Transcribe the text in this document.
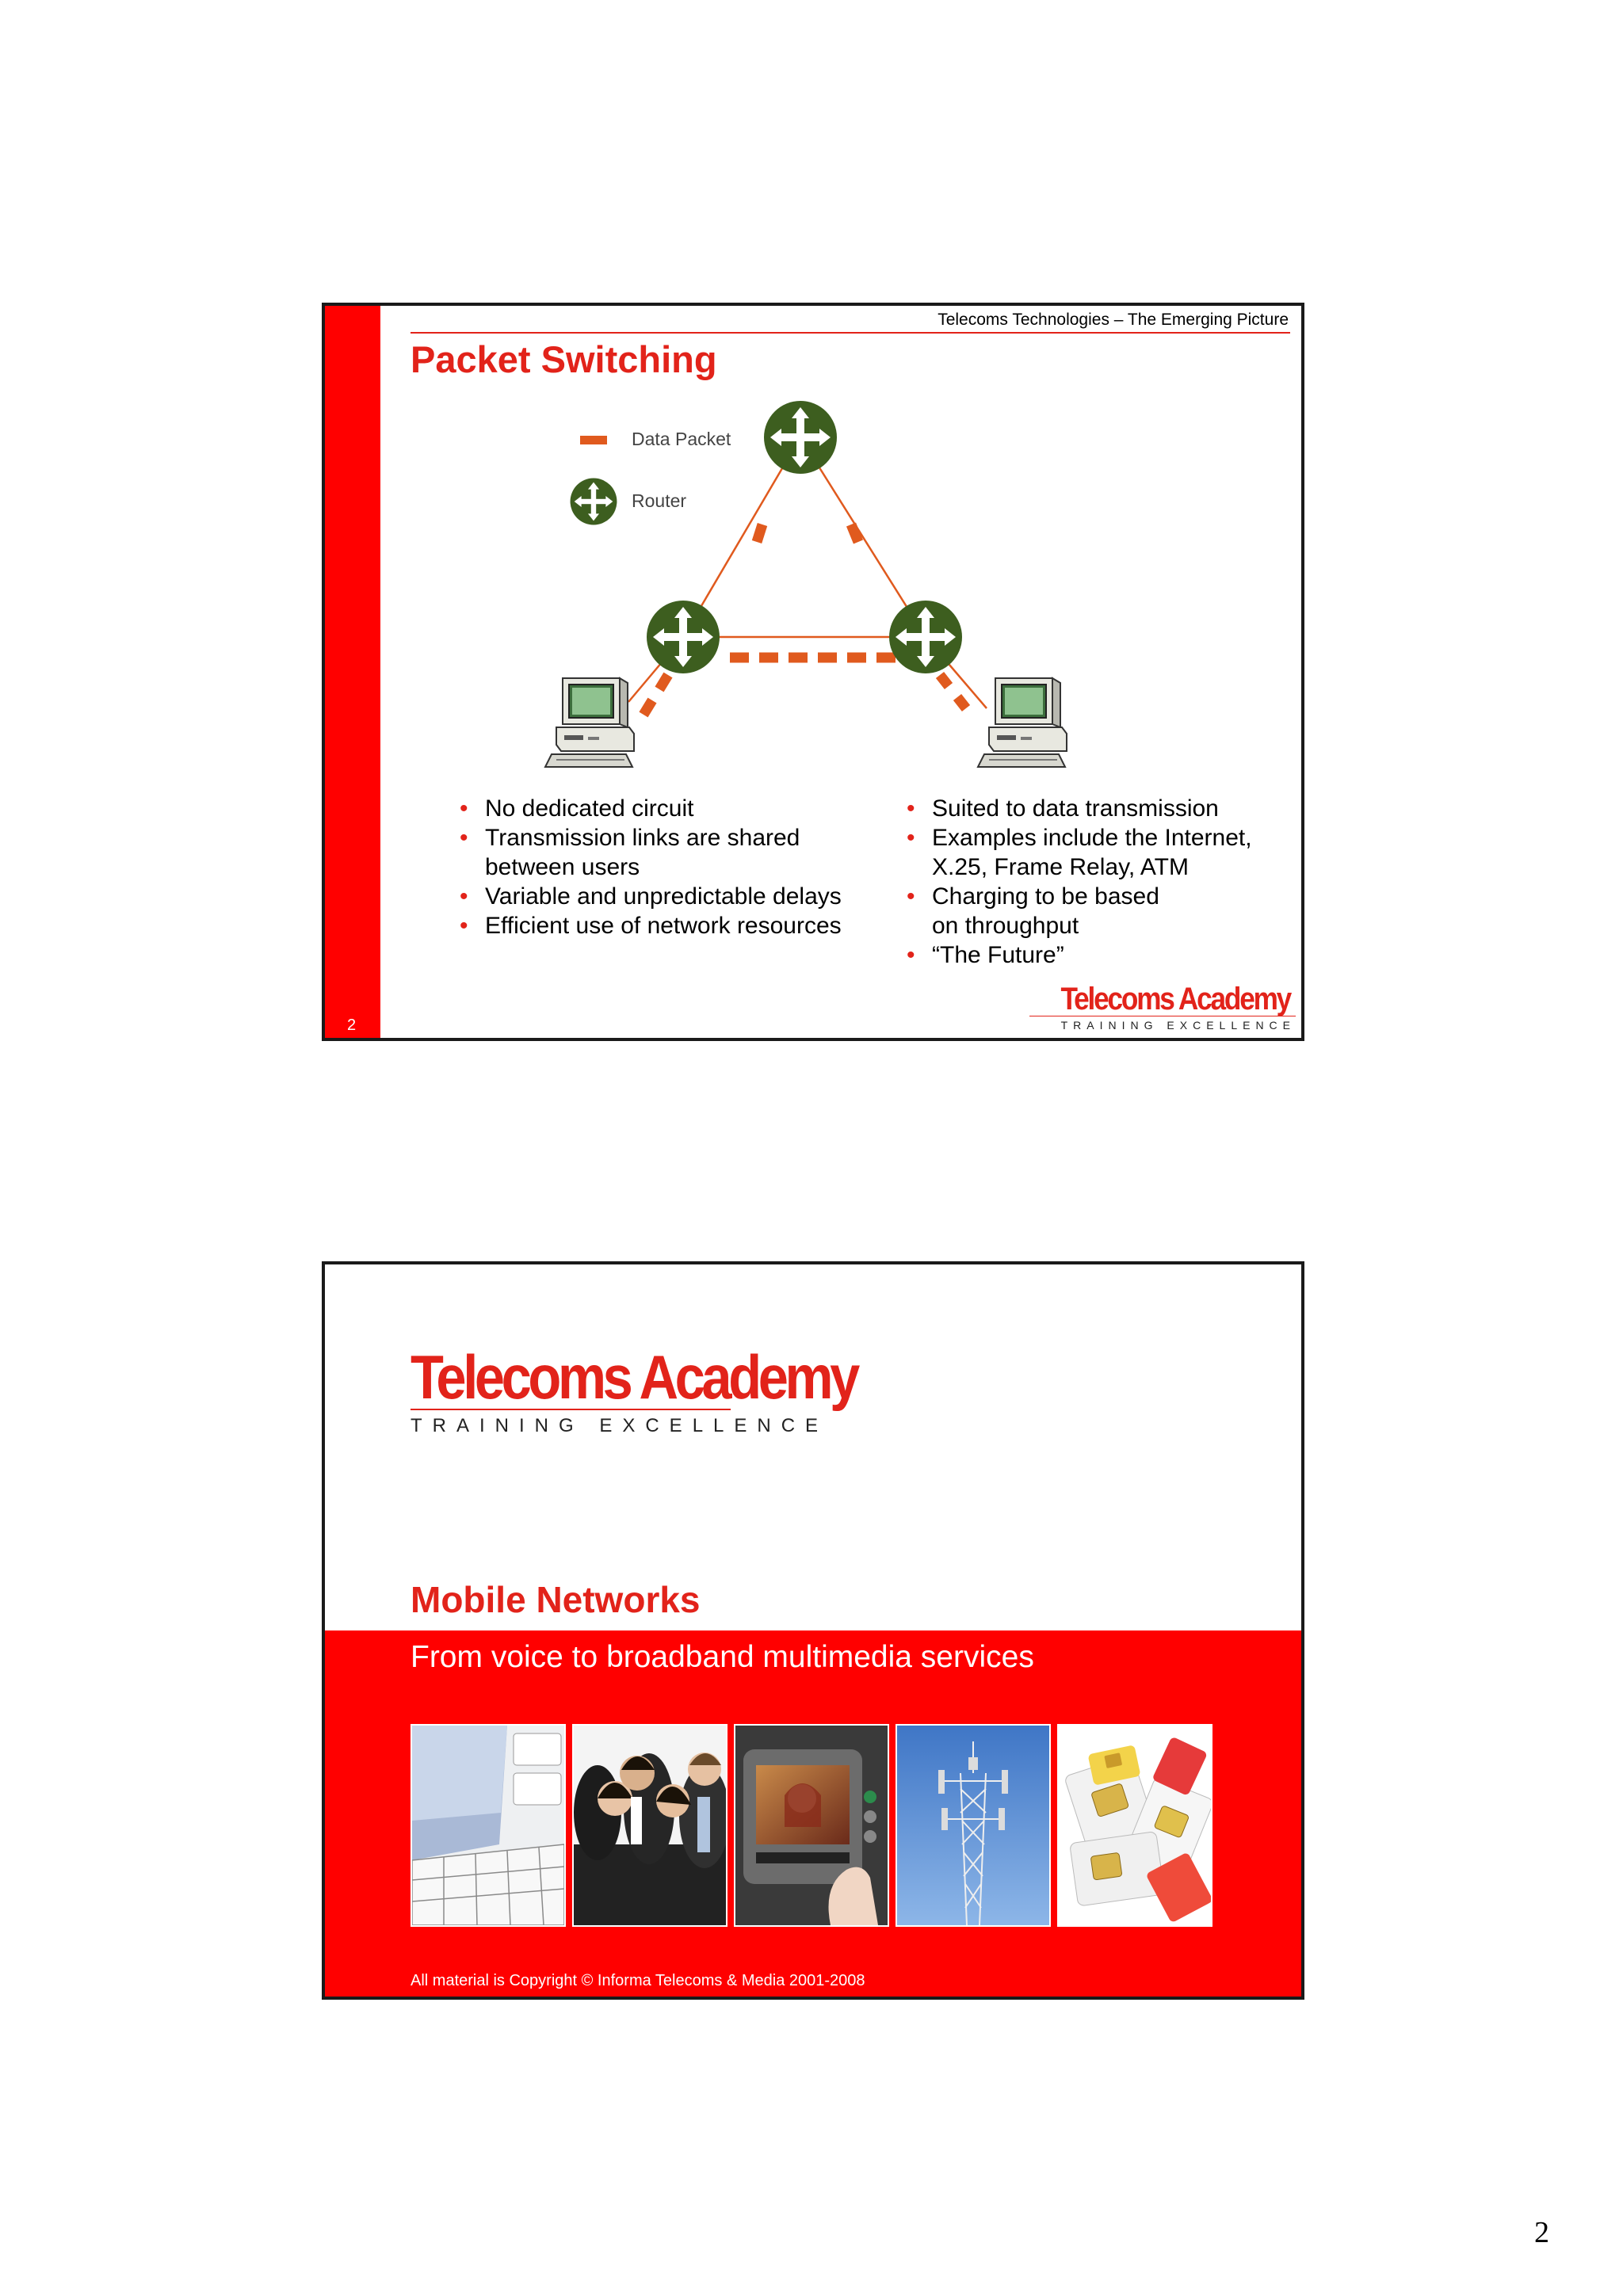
2
Telecoms Technologies – The Emerging Picture
Packet Switching
Data Packet
Router
• No dedicated circuit
• Transmission links are shared between users
• Variable and unpredictable delays
• Efficient use of network resources
• Suited to data transmission
• Examples include the Internet, X.25, Frame Relay, ATM
• Charging to be based on throughput
• “The Future”
Telecoms Academy
TRAINING EXCELLENCE
Telecoms Academy
TRAINING EXCELLENCE
Mobile Networks
From voice to broadband multimedia services
All material is Copyright © Informa Telecoms & Media 2001-2008
2
